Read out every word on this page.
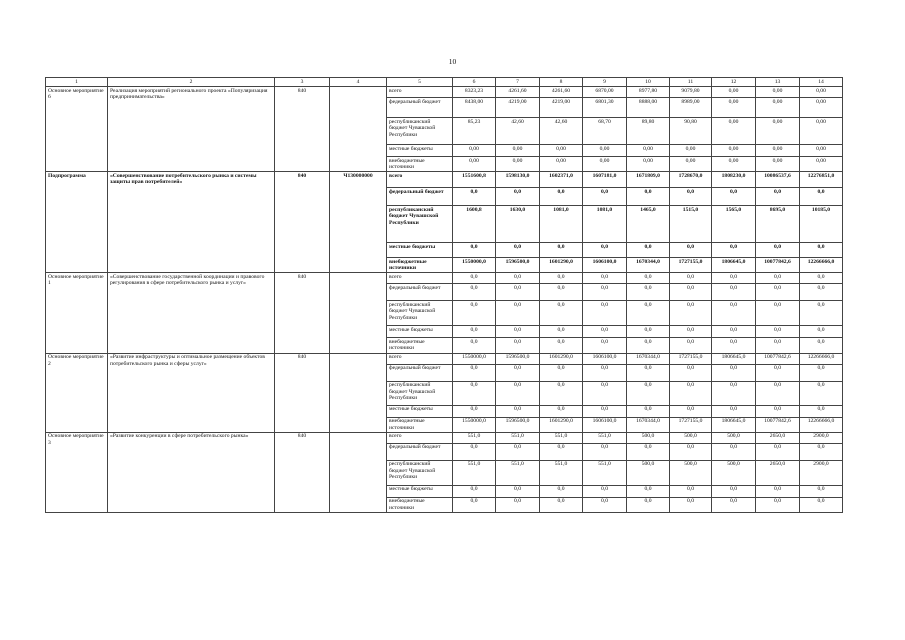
10
1	2	3	4	5	6	7	8	9	10	11	12	13	14
Основное мероприятие 6	Реализация мероприятий регионального проекта «Популяризация предпринимательства»	840		всего	8323,23	4261,60	4261,60	6870,00	8977,80	9079,80	0,00	0,00	0,00
				федеральный бюджет	8438,00	4219,00	4219,00	6801,30	8888,00	8989,00	0,00	0,00	0,00
				республиканский бюджет Чувашской Республики	85,23	42,60	42,60	68,70	89,80	90,80	0,00	0,00	0,00
				местные бюджеты	0,00	0,00	0,00	0,00	0,00	0,00	0,00	0,00	0,00
				внебюджетные источники	0,00	0,00	0,00	0,00	0,00	0,00	0,00	0,00	0,00
Подпрограмма	«Совершенствование потребительского рынка и системы защиты прав потребителей»	840	Ч130000000	всего	1551600,8	1598130,0	1602371,0	1607181,0	1671809,0	1728670,0	1808230,0	10086537,6	12276851,0
				федеральный бюджет	0,0	0,0	0,0	0,0	0,0	0,0	0,0	0,0	0,0
				республиканский бюджет Чувашской Республики	1600,8	1630,0	1081,0	1081,0	1465,0	1515,0	1565,0	8695,0	10185,0
				местные бюджеты	0,0	0,0	0,0	0,0	0,0	0,0	0,0	0,0	0,0
				внебюджетные источники	1550000,0	1596500,0	1601290,0	1606100,0	1670344,0	1727155,0	1806645,0	10077842,6	12266666,0
Основное мероприятие 1	«Совершенствование государственной координации и правового регулирования в сфере потребительского рынка и услуг»	840		всего	0,0	0,0	0,0	0,0	0,0	0,0	0,0	0,0	0,0
				федеральный бюджет	0,0	0,0	0,0	0,0	0,0	0,0	0,0	0,0	0,0
				республиканский бюджет Чувашской Республики	0,0	0,0	0,0	0,0	0,0	0,0	0,0	0,0	0,0
				местные бюджеты	0,0	0,0	0,0	0,0	0,0	0,0	0,0	0,0	0,0
				внебюджетные источники	0,0	0,0	0,0	0,0	0,0	0,0	0,0	0,0	0,0
Основное мероприятие 2	«Развитие инфраструктуры и оптимальное размещение объектов потребительского рынка и сферы услуг»	840		всего	1550000,0	1596500,0	1601290,0	1606100,0	1670344,0	1727155,0	1806645,0	10077842,6	12266666,0
				федеральный бюджет	0,0	0,0	0,0	0,0	0,0	0,0	0,0	0,0	0,0
				республиканский бюджет Чувашской Республики	0,0	0,0	0,0	0,0	0,0	0,0	0,0	0,0	0,0
				местные бюджеты	0,0	0,0	0,0	0,0	0,0	0,0	0,0	0,0	0,0
				внебюджетные источники	1550000,0	1596500,0	1601290,0	1606100,0	1670344,0	1727155,0	1806645,0	10077842,6	12266666,0
Основное мероприятие 3	«Развитие конкуренции в сфере потребительского рынка»	840		всего	551,0	551,0	551,0	551,0	500,0	500,0	500,0	2650,0	2900,0
				федеральный бюджет	0,0	0,0	0,0	0,0	0,0	0,0	0,0	0,0	0,0
				республиканский бюджет Чувашской Республики	551,0	551,0	551,0	551,0	500,0	500,0	500,0	2650,0	2900,0
				местные бюджеты	0,0	0,0	0,0	0,0	0,0	0,0	0,0	0,0	0,0
				внебюджетные источники	0,0	0,0	0,0	0,0	0,0	0,0	0,0	0,0	0,0
